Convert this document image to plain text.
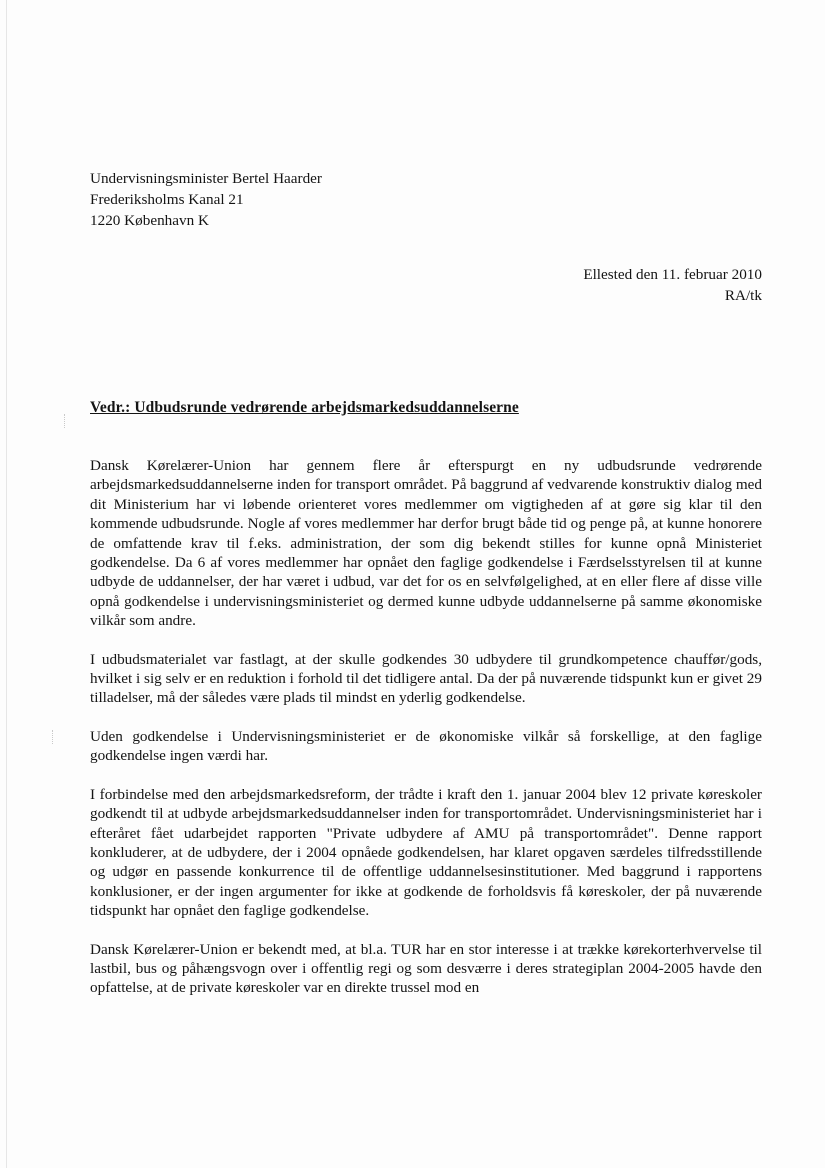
Undervisningsminister Bertel Haarder
Frederiksholms Kanal 21
1220 København K
Ellested den 11. februar 2010
RA/tk
Vedr.: Udbudsrunde vedrørende arbejdsmarkedsuddannelserne

Dansk Kørelærer-Union har gennem flere år efterspurgt en ny udbudsrunde vedrørende arbejdsmarkedsuddannelserne inden for transport området. På baggrund af vedvarende konstruktiv dialog med dit Ministerium har vi løbende orienteret vores medlemmer om vigtigheden af at gøre sig klar til den kommende udbudsrunde. Nogle af vores medlemmer har derfor brugt både tid og penge på, at kunne honorere de omfattende krav til f.eks. administration, der som dig bekendt stilles for kunne opnå Ministeriet godkendelse. Da 6 af vores medlemmer har opnået den faglige godkendelse i Færdselsstyrelsen til at kunne udbyde de uddannelser, der har været i udbud, var det for os en selvfølgelighed, at en eller flere af disse ville opnå godkendelse i undervisningsministeriet og dermed kunne udbyde uddannelserne på samme økonomiske vilkår som andre.

I udbudsmaterialet var fastlagt, at der skulle godkendes 30 udbydere til grundkompetence chauffør/gods, hvilket i sig selv er en reduktion i forhold til det tidligere antal. Da der på nuværende tidspunkt kun er givet 29 tilladelser, må der således være plads til mindst en yderlig godkendelse.

Uden godkendelse i Undervisningsministeriet er de økonomiske vilkår så forskellige, at den faglige godkendelse ingen værdi har.

I forbindelse med den arbejdsmarkedsreform, der trådte i kraft den 1. januar 2004 blev 12 private køreskoler godkendt til at udbyde arbejdsmarkedsuddannelser inden for transportområdet. Undervisningsministeriet har i efteråret fået udarbejdet rapporten "Private udbydere af AMU på transportområdet". Denne rapport konkluderer, at de udbydere, der i 2004 opnåede godkendelsen, har klaret opgaven særdeles tilfredsstillende og udgør en passende konkurrence til de offentlige uddannelsesinstitutioner. Med baggrund i rapportens konklusioner, er der ingen argumenter for ikke at godkende de forholdsvis få køreskoler, der på nuværende tidspunkt har opnået den faglige godkendelse.

Dansk Kørelærer-Union er bekendt med, at bl.a. TUR har en stor interesse i at trække kørekorterhvervelse til lastbil, bus og påhængsvogn over i offentlig regi og som desværre i deres strategiplan 2004-2005 havde den opfattelse, at de private køreskoler var en direkte trussel mod en
